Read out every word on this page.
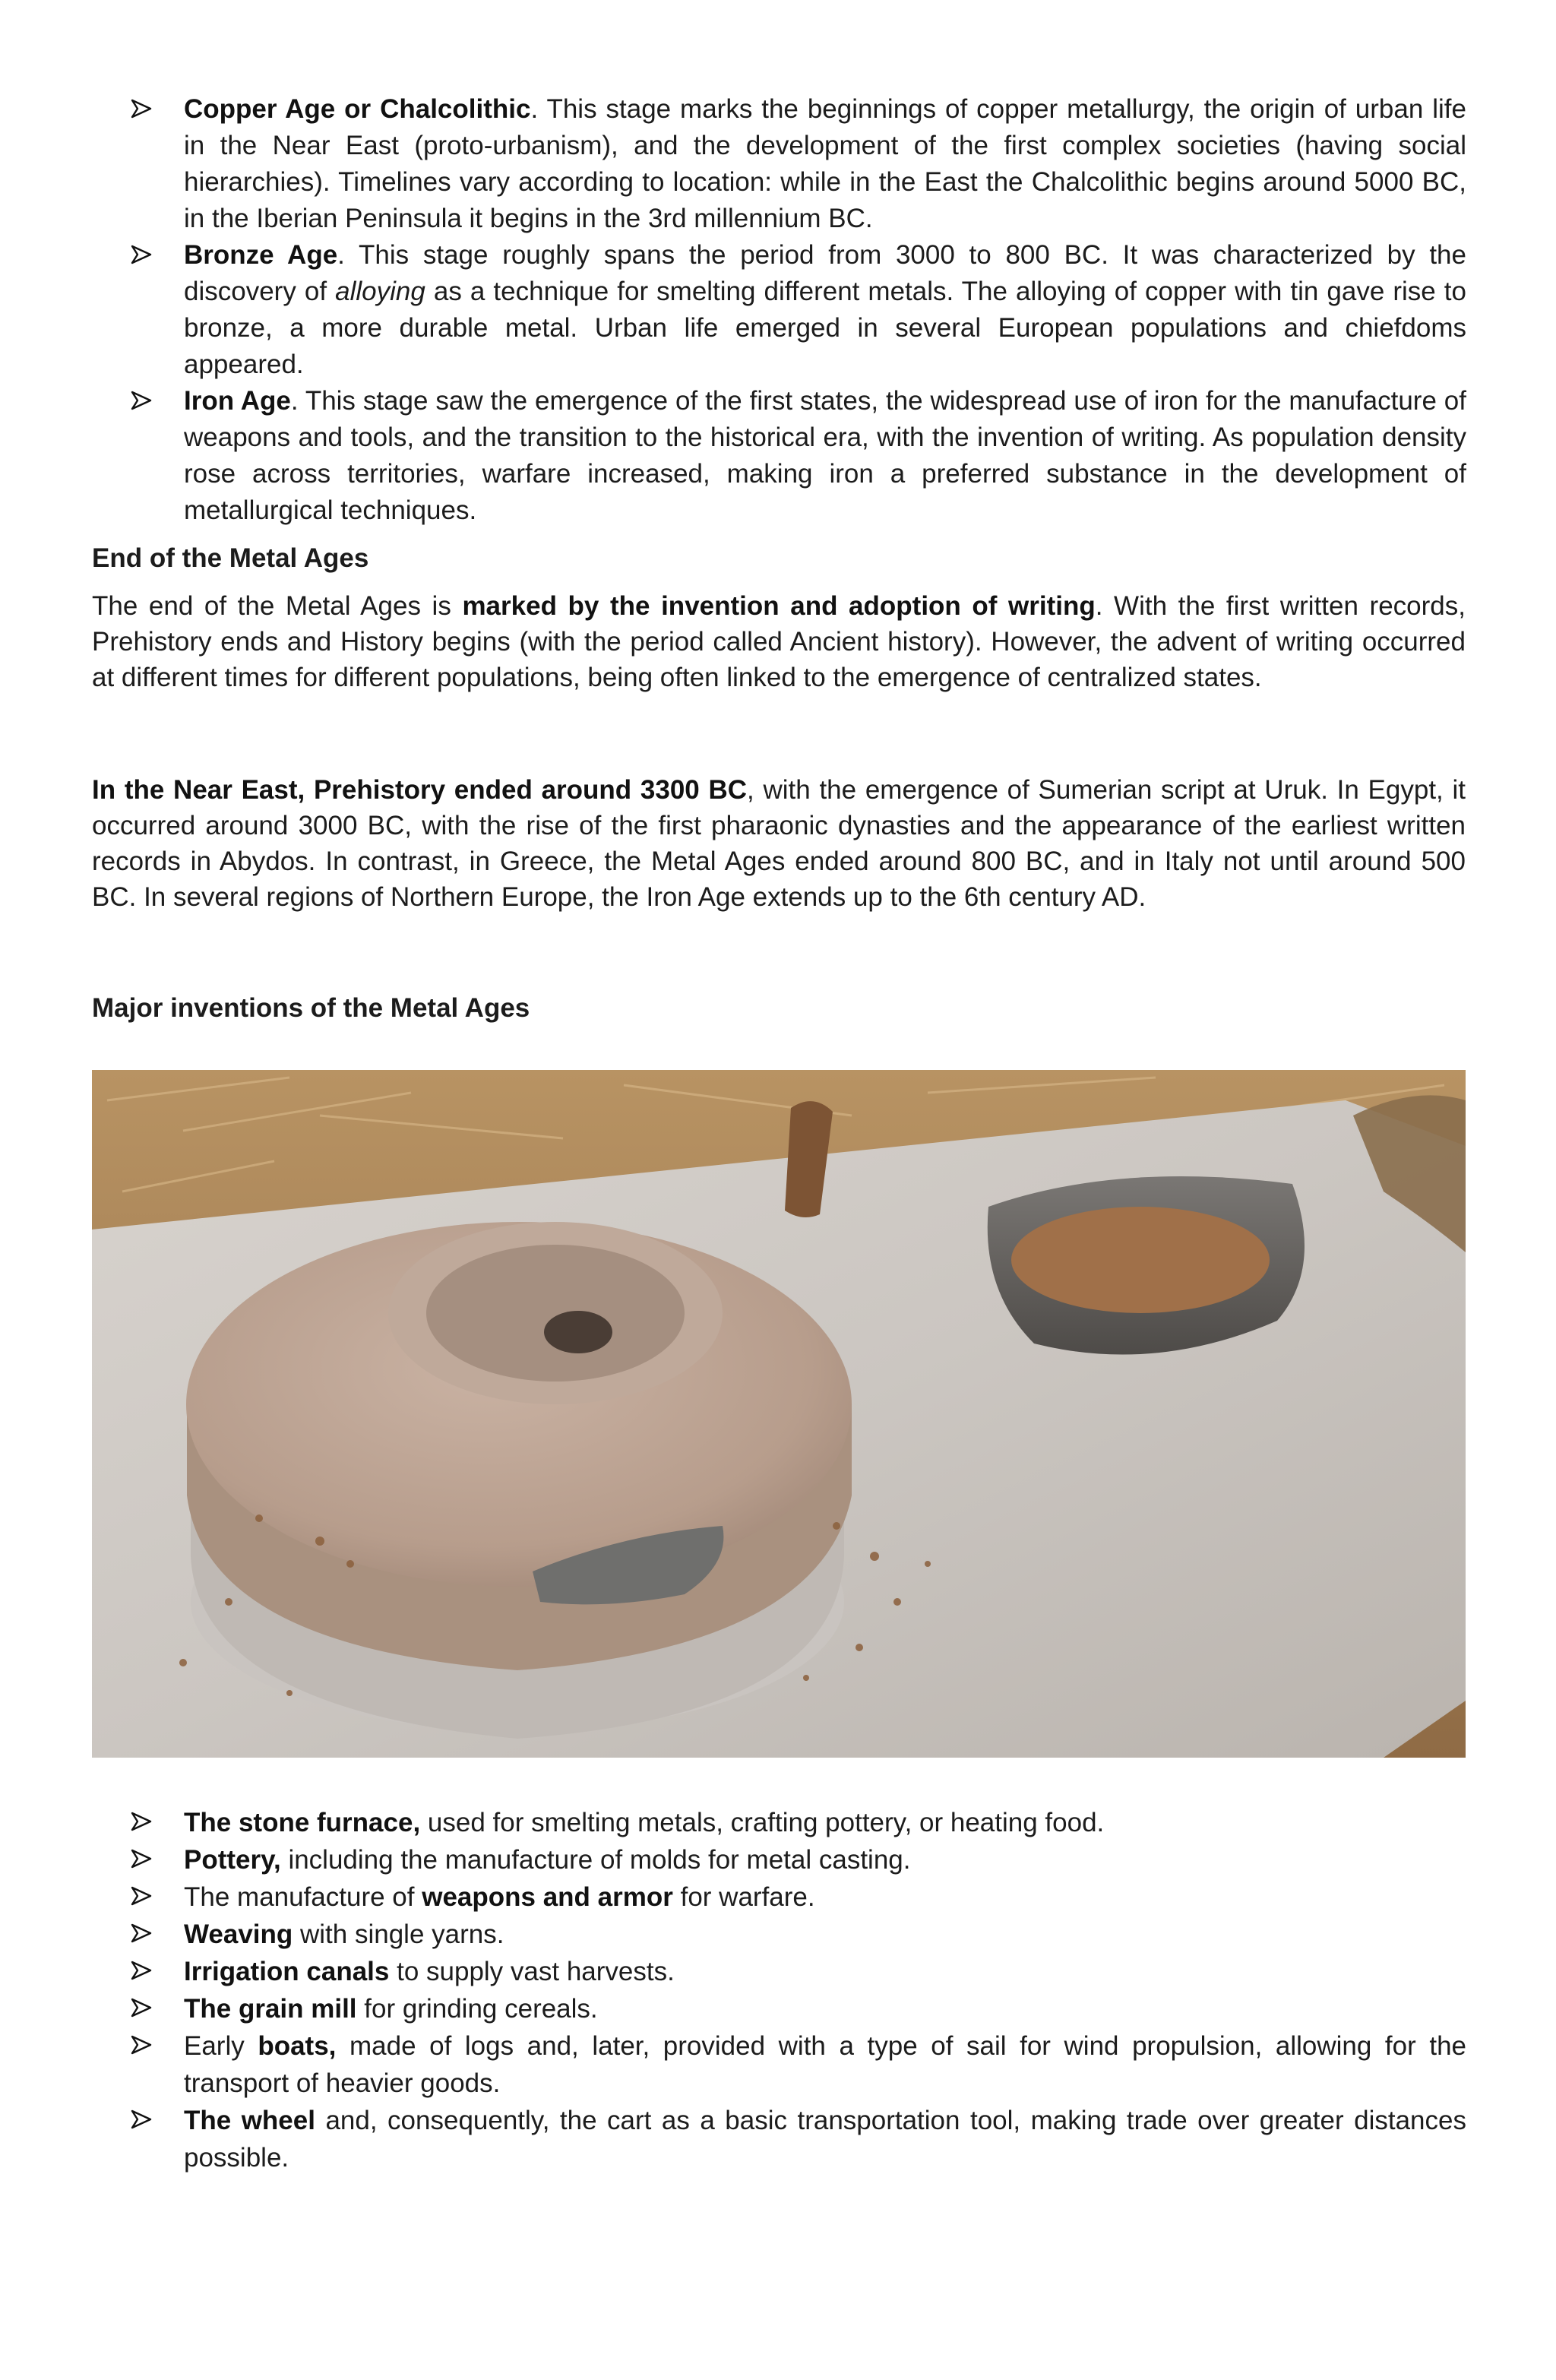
Copper Age or Chalcolithic. This stage marks the beginnings of copper metallurgy, the origin of urban life in the Near East (proto-urbanism), and the development of the first complex societies (having social hierarchies). Timelines vary according to location: while in the East the Chalcolithic begins around 5000 BC, in the Iberian Peninsula it begins in the 3rd millennium BC.
Bronze Age. This stage roughly spans the period from 3000 to 800 BC. It was characterized by the discovery of alloying as a technique for smelting different metals. The alloying of copper with tin gave rise to bronze, a more durable metal. Urban life emerged in several European populations and chiefdoms appeared.
Iron Age. This stage saw the emergence of the first states, the widespread use of iron for the manufacture of weapons and tools, and the transition to the historical era, with the invention of writing. As population density rose across territories, warfare increased, making iron a preferred substance in the development of metallurgical techniques.
End of the Metal Ages

The end of the Metal Ages is marked by the invention and adoption of writing. With the first written records, Prehistory ends and History begins (with the period called Ancient history). However, the advent of writing occurred at different times for different populations, being often linked to the emergence of centralized states.

In the Near East, Prehistory ended around 3300 BC, with the emergence of Sumerian script at Uruk. In Egypt, it occurred around 3000 BC, with the rise of the first pharaonic dynasties and the appearance of the earliest written records in Abydos. In contrast, in Greece, the Metal Ages ended around 800 BC, and in Italy not until around 500 BC. In several regions of Northern Europe, the Iron Age extends up to the 6th century AD.

Major inventions of the Metal Ages
The stone furnace, used for smelting metals, crafting pottery, or heating food.
Pottery, including the manufacture of molds for metal casting.
The manufacture of weapons and armor for warfare.
Weaving with single yarns.
Irrigation canals to supply vast harvests.
The grain mill for grinding cereals.
Early boats, made of logs and, later, provided with a type of sail for wind propulsion, allowing for the transport of heavier goods.
The wheel and, consequently, the cart as a basic transportation tool, making trade over greater distances possible.
